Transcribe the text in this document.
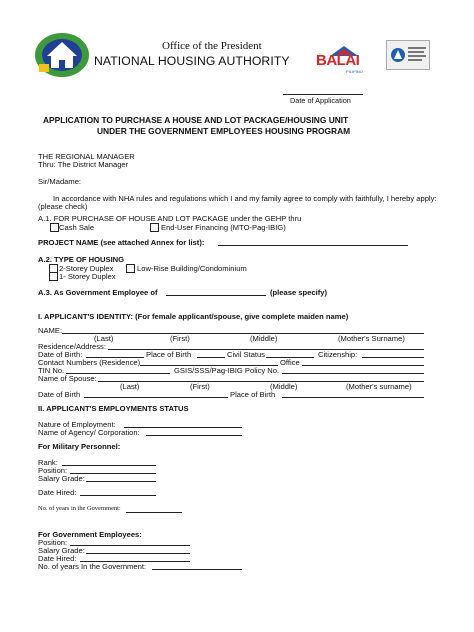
Office of the President
NATIONAL HOUSING AUTHORITY BALAI
PILIPINO
Date of Application
APPLICATION TO PURCHASE A HOUSE AND LOT PACKAGE/HOUSING UNIT
UNDER THE GOVERNMENT EMPLOYEES HOUSING PROGRAM
THE REGIONAL MANAGER
Thru: The District Manager
Sir/Madame:
In accordance with NHA rules and regulations which I and my family agree to comply with faithfully, I hereby apply:
(please check)
A.1. FOR PURCHASE OF HOUSE AND LOT PACKAGE under the GEHP thru
Cash Sale	End-User Financing (MTO-Pag-IBIG)
PROJECT NAME (see attached Annex for list):
A.2. TYPE OF HOUSING
2-Storey Duplex	Low-Rise Building/Condominium
1- Storey Duplex
A.3. As Government Employee of	(please specify)
I. APPLICANT'S IDENTITY: (For female applicant/spouse, give complete maiden name)
NAME:
(Last)	(First)	(Middle)	(Mother's Surname)
Residence/Address:
Date of Birth:	Place of Birth	Civil Status	Citizenship:
Contact Numbers (Residence)	Office
TIN No.	GSIS/SSS/Pag-IBIG Policy No.
Name of Spouse:
(Last)	(First)	(Middle)	(Mother's surname)
Date of Birth	Place of Birth
II. APPLICANT'S EMPLOYMENTS STATUS
Nature of Employment:
Name of Agency/ Corporation:
For Military Personnel:
Rank:
Position:
Salary Grade:
Date Hired:
No. of years in the Government:
For Government Employees:
Position:
Salary Grade:
Date Hired:
No. of years In the Government:
